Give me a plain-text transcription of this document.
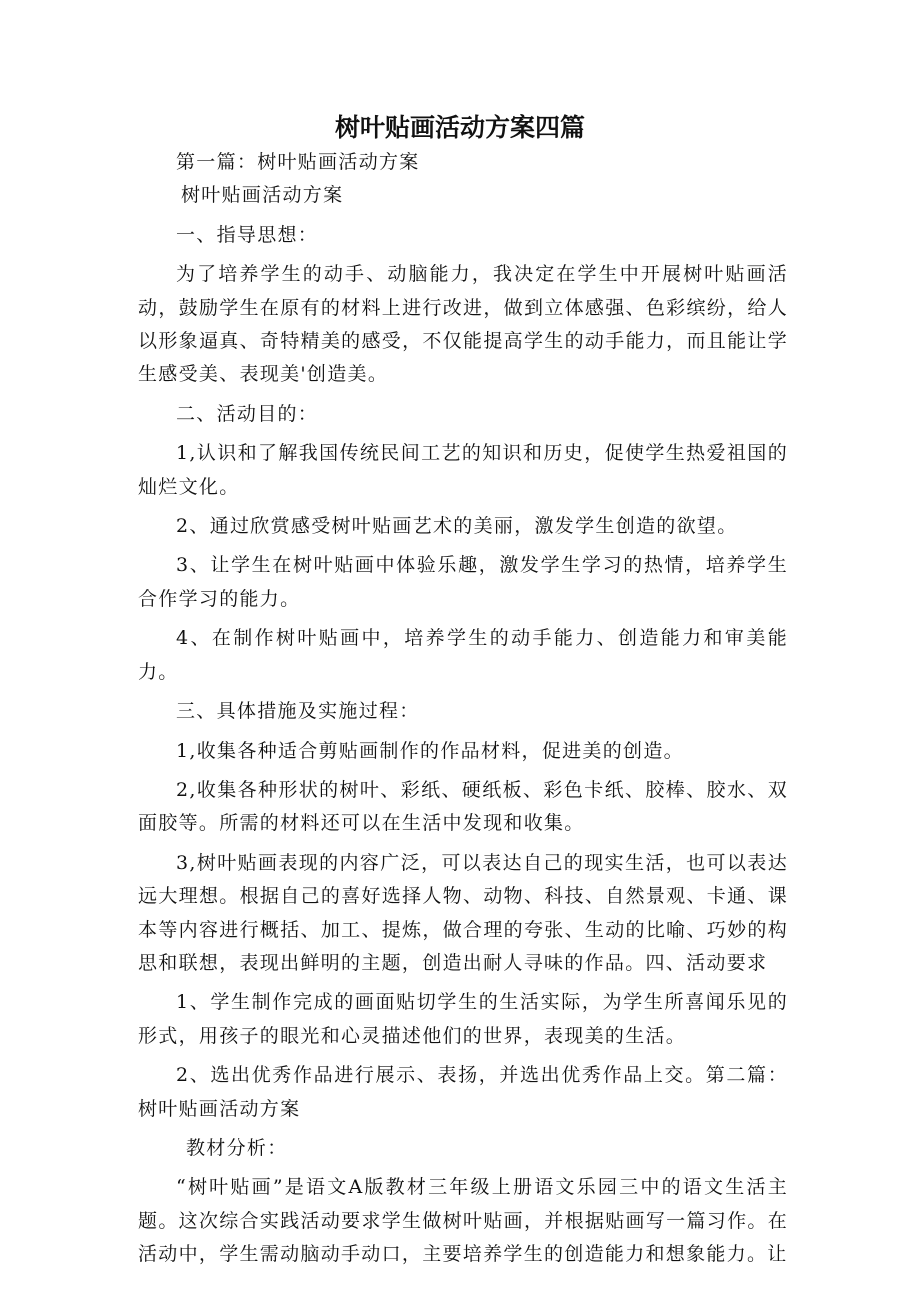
树叶贴画活动方案四篇

第一篇：树叶贴画活动方案

树叶贴画活动方案

一、指导思想：

为了培养学生的动手、动脑能力，我决定在学生中开展树叶贴画活动，鼓励学生在原有的材料上进行改进，做到立体感强、色彩缤纷，给人以形象逼真、奇特精美的感受，不仅能提高学生的动手能力，而且能让学生感受美、表现美'创造美。

二、活动目的：

1,认识和了解我国传统民间工艺的知识和历史，促使学生热爱祖国的灿烂文化。

2、通过欣赏感受树叶贴画艺术的美丽，激发学生创造的欲望。

3、让学生在树叶贴画中体验乐趣，激发学生学习的热情，培养学生合作学习的能力。

4、在制作树叶贴画中，培养学生的动手能力、创造能力和审美能力。

三、具体措施及实施过程：

1,收集各种适合剪贴画制作的作品材料，促进美的创造。

2,收集各种形状的树叶、彩纸、硬纸板、彩色卡纸、胶棒、胶水、双面胶等。所需的材料还可以在生活中发现和收集。

3,树叶贴画表现的内容广泛，可以表达自己的现实生活，也可以表达远大理想。根据自己的喜好选择人物、动物、科技、自然景观、卡通、课本等内容进行概括、加工、提炼，做合理的夸张、生动的比喻、巧妙的构思和联想，表现出鲜明的主题，创造出耐人寻味的作品。四、活动要求

1、学生制作完成的画面贴切学生的生活实际，为学生所喜闻乐见的形式，用孩子的眼光和心灵描述他们的世界，表现美的生活。

2、选出优秀作品进行展示、表扬，并选出优秀作品上交。第二篇：树叶贴画活动方案

教材分析：

“树叶贴画”是语文A版教材三年级上册语文乐园三中的语文生活主题。这次综合实践活动要求学生做树叶贴画，并根据贴画写一篇习作。在活动中，学生需动脑动手动口，主要培养学生的创造能力和想象能力。让
